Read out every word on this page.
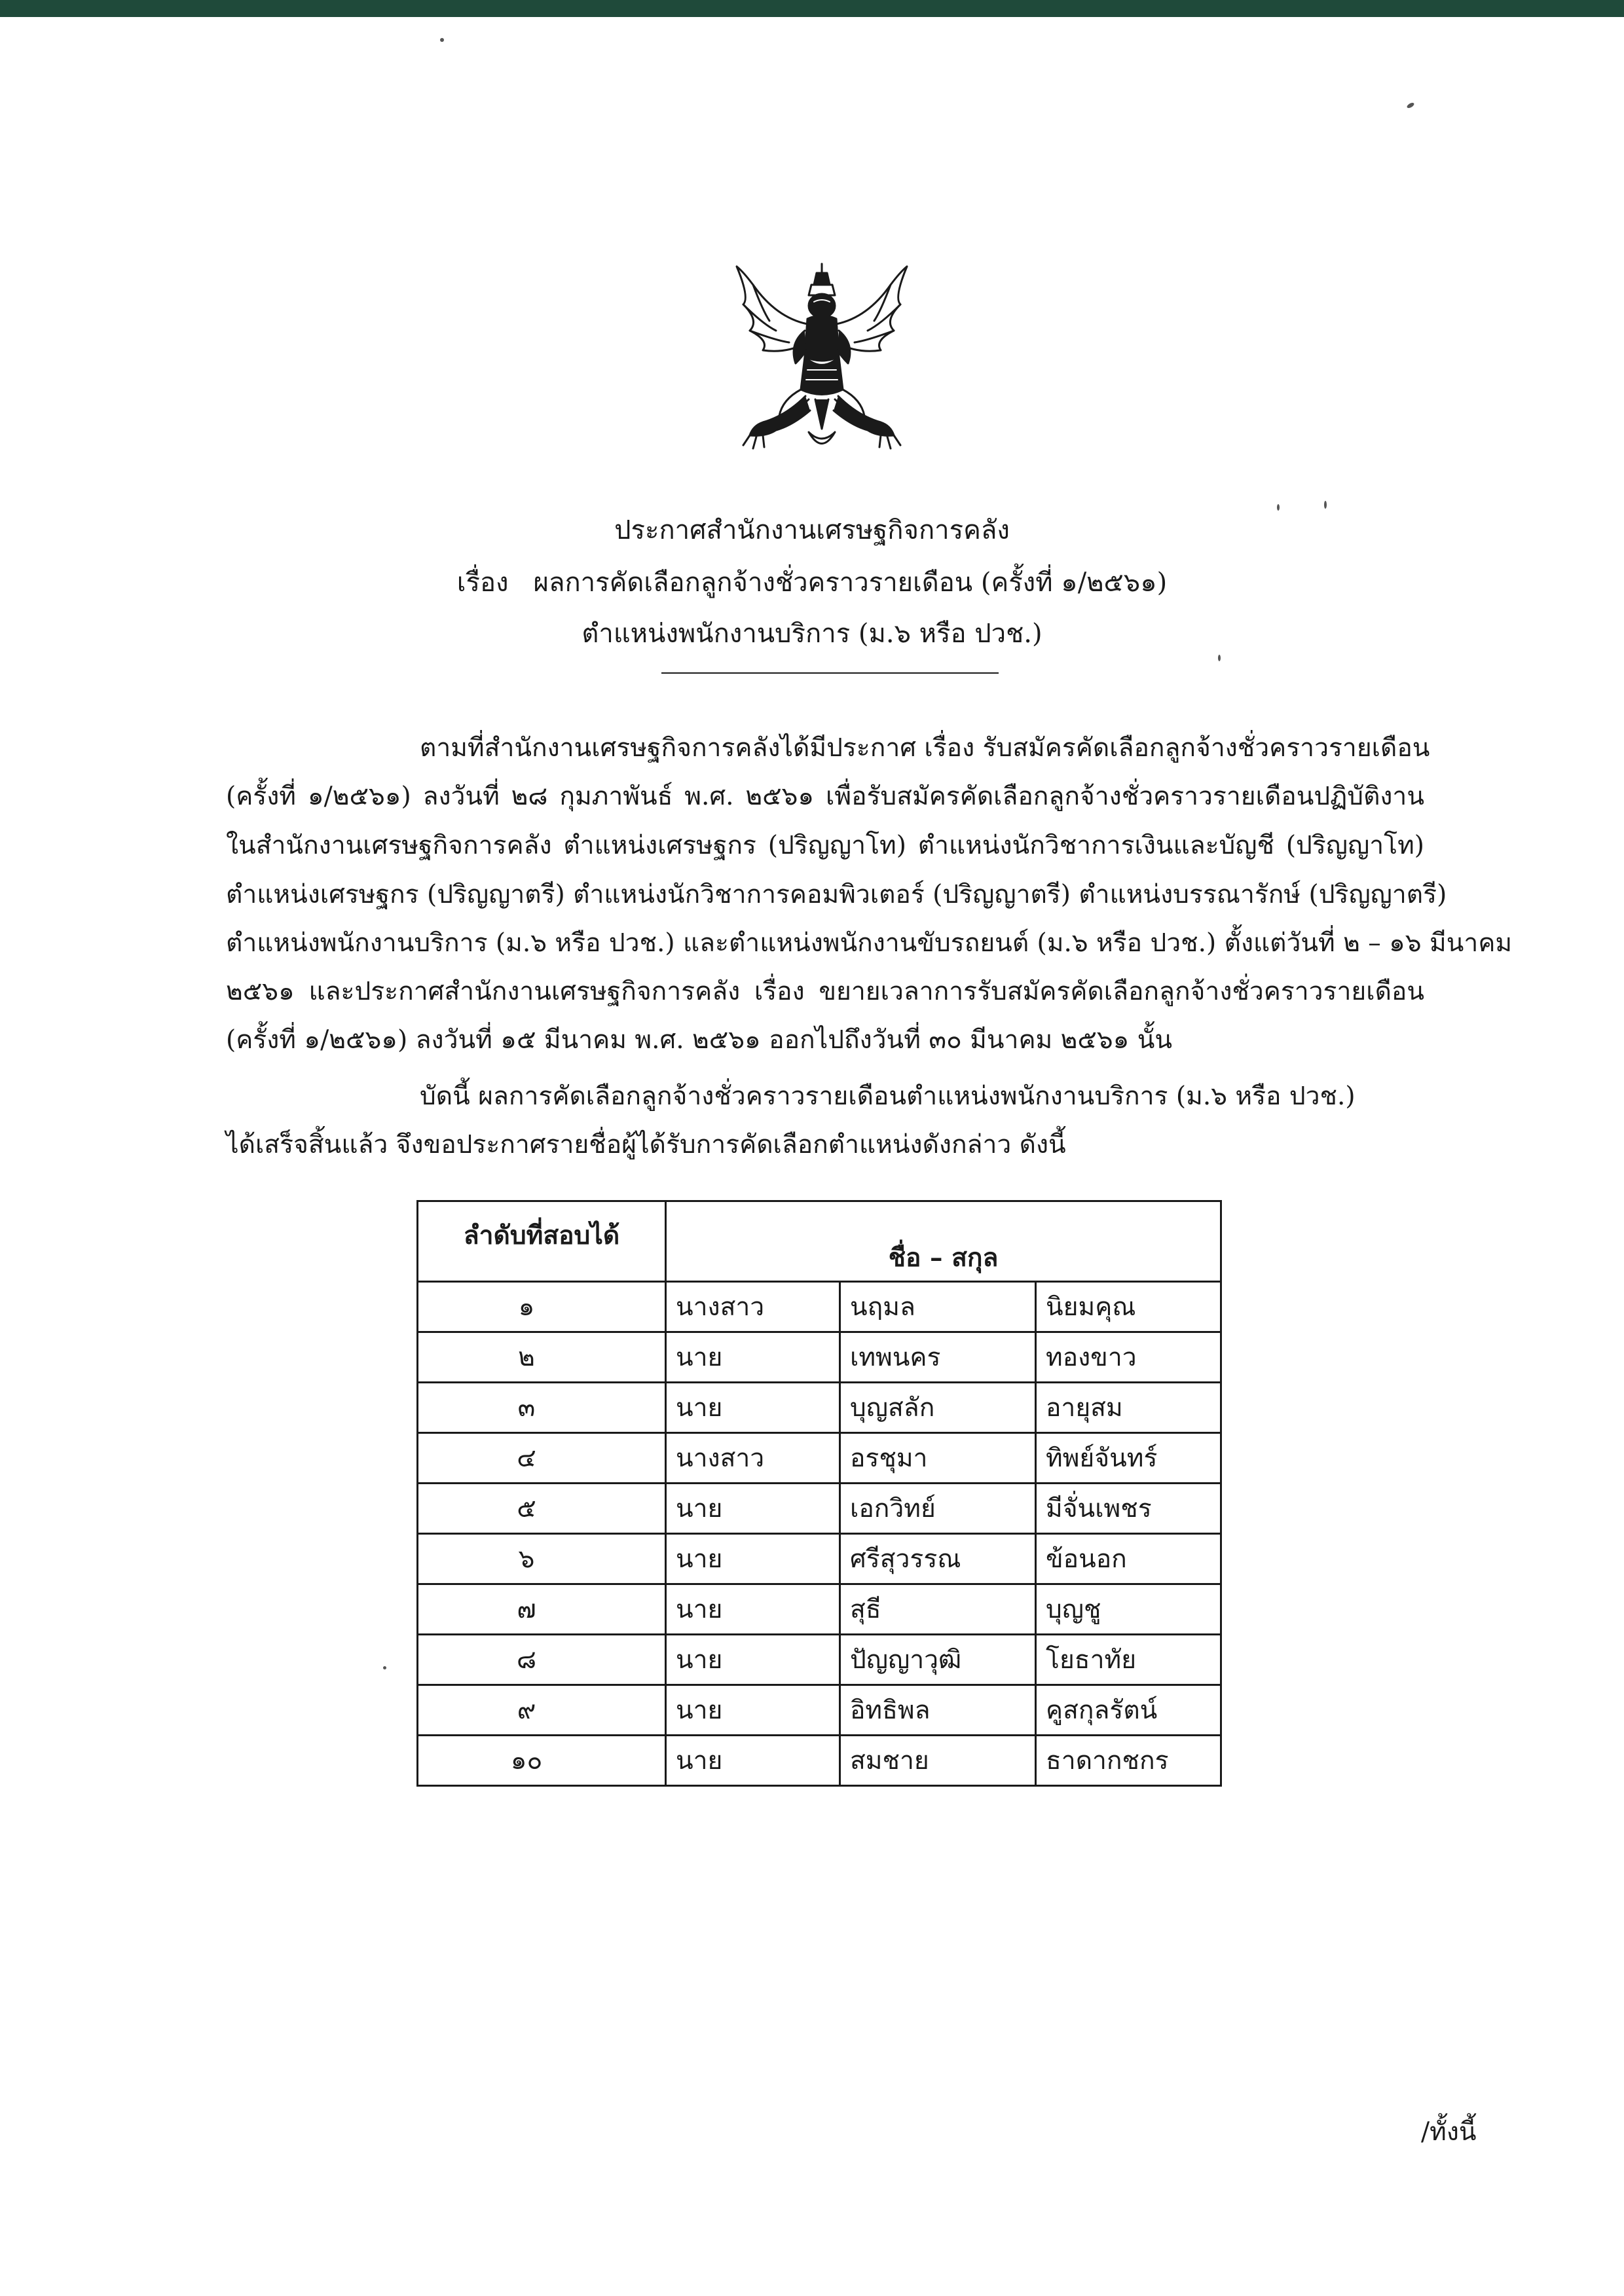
ประกาศสำนักงานเศรษฐกิจการคลัง
เรื่อง ผลการคัดเลือกลูกจ้างชั่วคราวรายเดือน (ครั้งที่ ๑/๒๕๖๑)
ตำแหน่งพนักงานบริการ (ม.๖ หรือ ปวช.)
ตามที่สำนักงานเศรษฐกิจการคลังได้มีประกาศ เรื่อง รับสมัครคัดเลือกลูกจ้างชั่วคราวรายเดือน
(ครั้งที่ ๑/๒๕๖๑) ลงวันที่ ๒๘ กุมภาพันธ์ พ.ศ. ๒๕๖๑ เพื่อรับสมัครคัดเลือกลูกจ้างชั่วคราวรายเดือนปฏิบัติงาน
ในสำนักงานเศรษฐกิจการคลัง ตำแหน่งเศรษฐกร (ปริญญาโท) ตำแหน่งนักวิชาการเงินและบัญชี (ปริญญาโท)
ตำแหน่งเศรษฐกร (ปริญญาตรี) ตำแหน่งนักวิชาการคอมพิวเตอร์ (ปริญญาตรี) ตำแหน่งบรรณารักษ์ (ปริญญาตรี)
ตำแหน่งพนักงานบริการ (ม.๖ หรือ ปวช.) และตำแหน่งพนักงานขับรถยนต์ (ม.๖ หรือ ปวช.) ตั้งแต่วันที่ ๒ – ๑๖ มีนาคม
๒๕๖๑ และประกาศสำนักงานเศรษฐกิจการคลัง เรื่อง ขยายเวลาการรับสมัครคัดเลือกลูกจ้างชั่วคราวรายเดือน
(ครั้งที่ ๑/๒๕๖๑) ลงวันที่ ๑๕ มีนาคม พ.ศ. ๒๕๖๑ ออกไปถึงวันที่ ๓๐ มีนาคม ๒๕๖๑ นั้น
บัดนี้ ผลการคัดเลือกลูกจ้างชั่วคราวรายเดือนตำแหน่งพนักงานบริการ (ม.๖ หรือ ปวช.)
ได้เสร็จสิ้นแล้ว จึงขอประกาศรายชื่อผู้ได้รับการคัดเลือกตำแหน่งดังกล่าว ดังนี้
ลำดับที่สอบได้	ชื่อ – สกุล		
๑	นางสาว	นฤมล	นิยมคุณ
๒	นาย	เทพนคร	ทองขาว
๓	นาย	บุญสลัก	อายุสม
๔	นางสาว	อรชุมา	ทิพย์จันทร์
๕	นาย	เอกวิทย์	มีจั่นเพชร
๖	นาย	ศรีสุวรรณ	ข้อนอก
๗	นาย	สุธี	บุญชู
๘	นาย	ปัญญาวุฒิ	โยธาทัย
๙	นาย	อิทธิพล	คูสกุลรัตน์
๑๐	นาย	สมชาย	ธาดากชกร
/ทั้งนี้
